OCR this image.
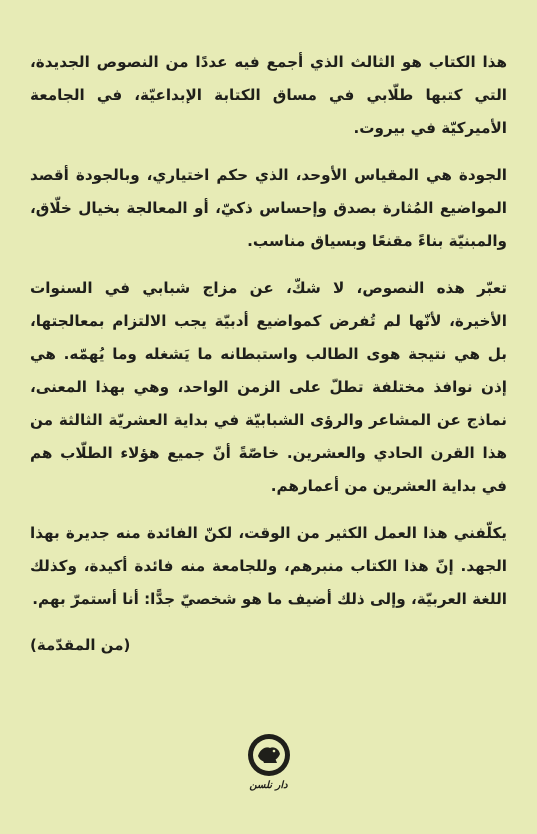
هذا الكتاب هو الثالث الذي أجمع فيه عددًا من النصوص الجديدة، التي كتبها طلّابي في مساق الكتابة الإبداعيّة، في الجامعة الأميركيّة في بيروت.

الجودة هي المقياس الأوحد، الذي حكم اختياري، وبالجودة أقصد المواضيع المُثارة بصدق وإحساس ذكيّ، أو المعالجة بخيال خلّاق، والمبنيّة بناءً مقنعًا وبسياق مناسب.

تعبّر هذه النصوص، لا شكّ، عن مزاج شبابي في السنوات الأخيرة، لأنّها لم تُفرض كمواضيع أدبيّة يجب الالتزام بمعالجتها، بل هي نتيجة هوى الطالب واستبطانه ما يَشغله وما يُهمّه. هي إذن نوافذ مختلفة تطلّ على الزمن الواحد، وهي بهذا المعنى، نماذج عن المشاعر والرؤى الشبابيّة في بداية العشريّة الثالثة من هذا القرن الحادي والعشرين. خاصّةً أنّ جميع هؤلاء الطلّاب هم في بداية العشرين من أعمارهم.

يكلّفني هذا العمل الكثير من الوقت، لكنّ الفائدة منه جديرة بهذا الجهد. إنّ هذا الكتاب منبرهم، وللجامعة منه فائدة أكيدة، وكذلك اللغة العربيّة، وإلى ذلك أضيف ما هو شخصيّ جدًّا: أنا أستمرّ بهم.

(من المقدّمة)

دار نلسن
